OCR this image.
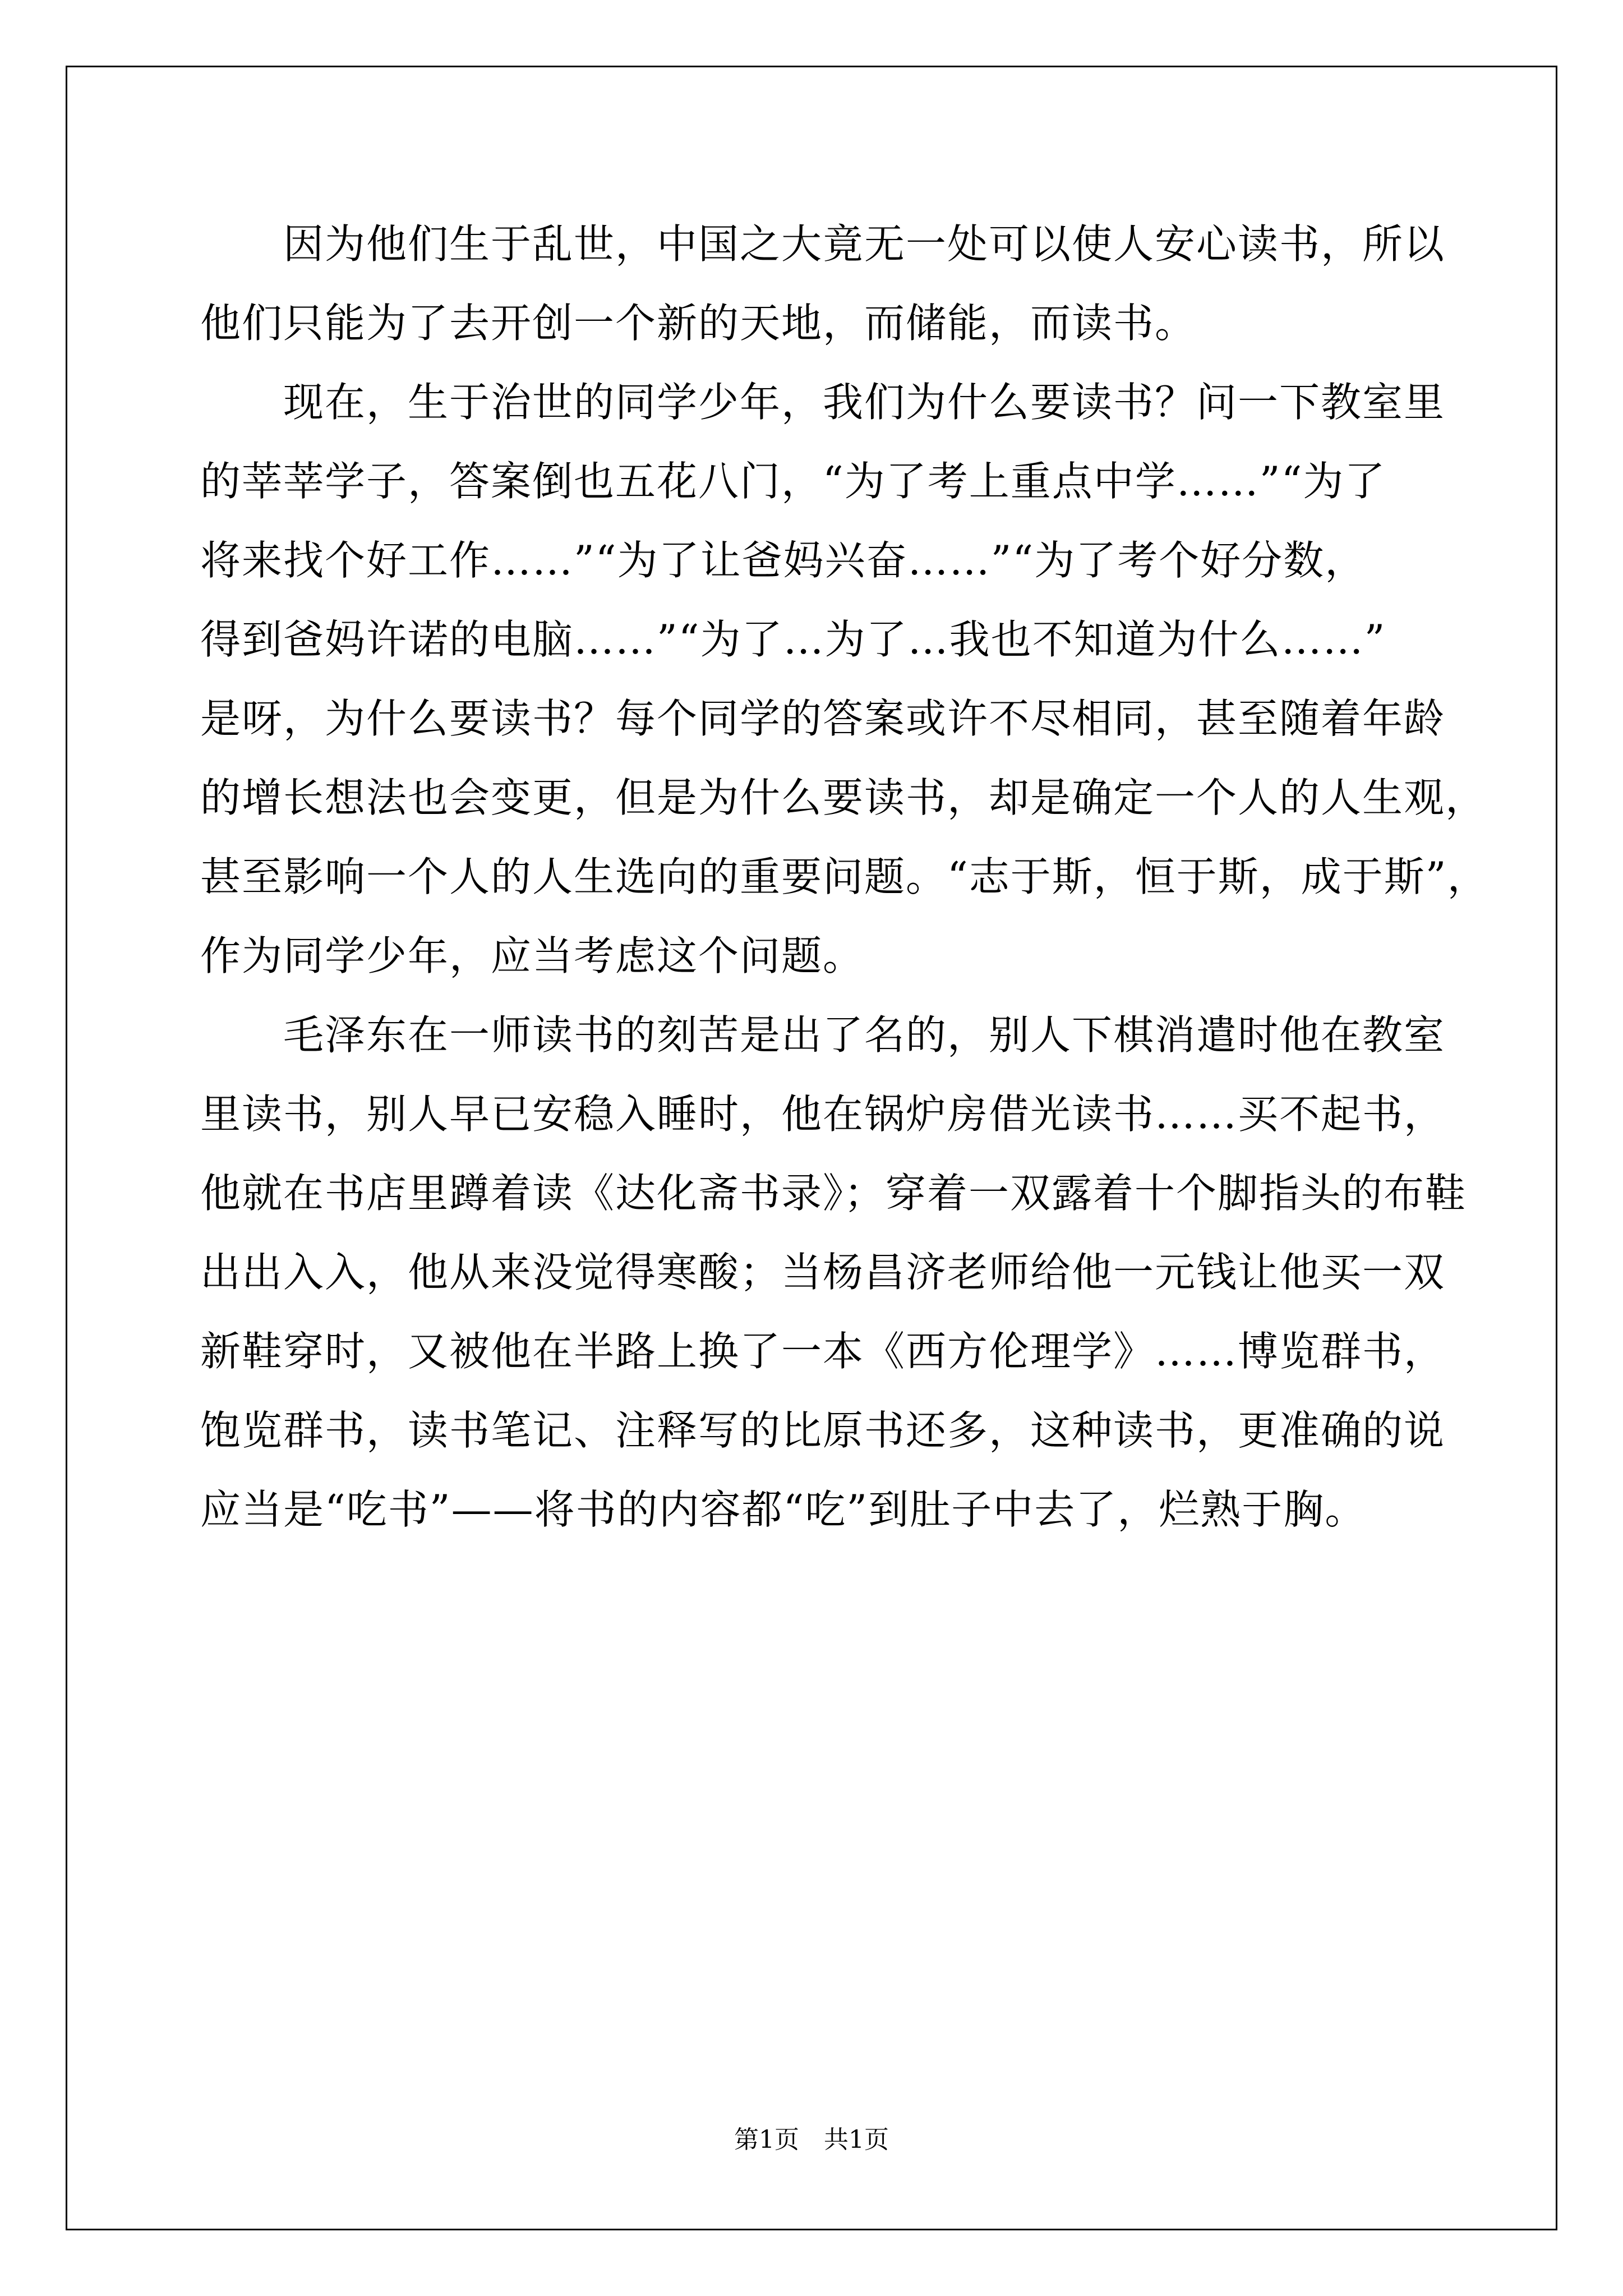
　　因为他们生于乱世，中国之大竟无一处可以使人安心读书，所以
他们只能为了去开创一个新的天地，而储能，而读书。
　　现在，生于治世的同学少年，我们为什么要读书？问一下教室里
的莘莘学子，答案倒也五花八门，“为了考上重点中学……”“为了
将来找个好工作……”“为了让爸妈兴奋……”“为了考个好分数，
得到爸妈许诺的电脑……”“为了…为了…我也不知道为什么……”
是呀，为什么要读书？每个同学的答案或许不尽相同，甚至随着年龄
的增长想法也会变更，但是为什么要读书，却是确定一个人的人生观，
甚至影响一个人的人生选向的重要问题。“志于斯，恒于斯，成于斯”，
作为同学少年，应当考虑这个问题。
　　毛泽东在一师读书的刻苦是出了名的，别人下棋消遣时他在教室
里读书，别人早已安稳入睡时，他在锅炉房借光读书……买不起书，
他就在书店里蹲着读《达化斋书录》；穿着一双露着十个脚指头的布鞋
出出入入，他从来没觉得寒酸；当杨昌济老师给他一元钱让他买一双
新鞋穿时，又被他在半路上换了一本《西方伦理学》……博览群书，
饱览群书，读书笔记、注释写的比原书还多，这种读书，更准确的说
应当是“吃书”——将书的内容都“吃”到肚子中去了，烂熟于胸。
第1页　共1页
